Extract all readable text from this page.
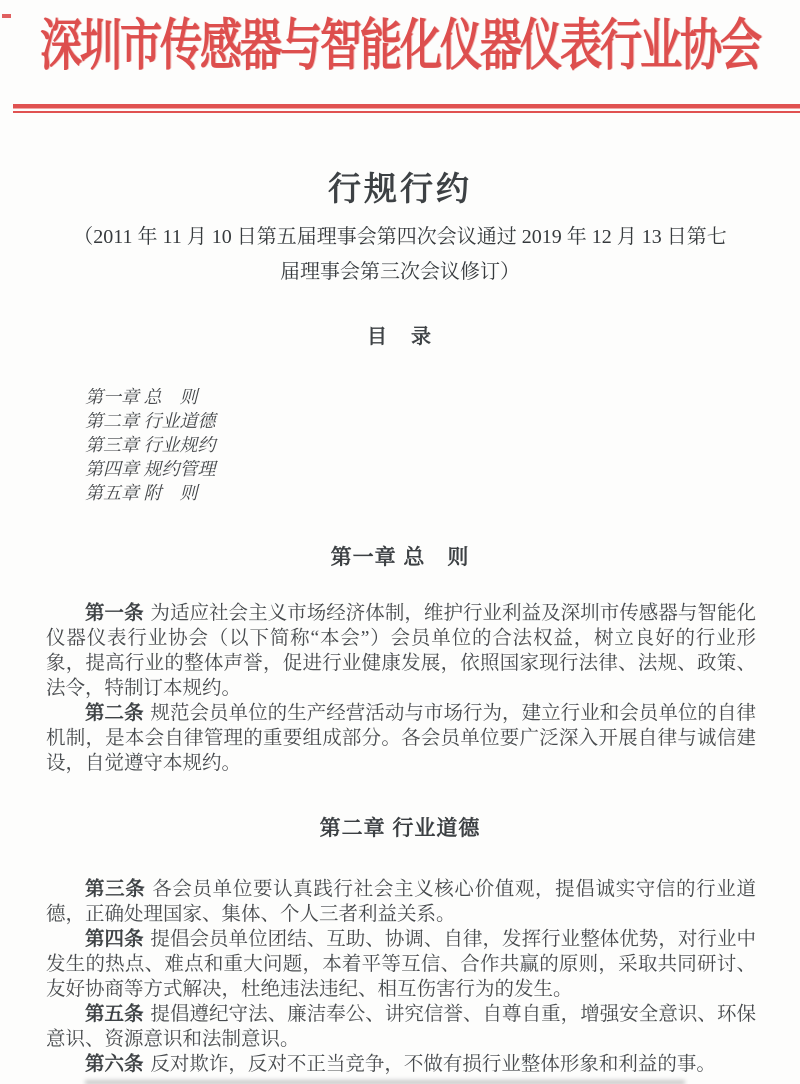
深圳市传感器与智能化仪器仪表行业协会
行规行约
（2011 年 11 月 10 日第五届理事会第四次会议通过 2019 年 12 月 13 日第七
届理事会第三次会议修订）
目　录
第一章 总　则
第二章 行业道德
第三章 行业规约
第四章 规约管理
第五章 附　则
第一章 总　则

第一条 为适应社会主义市场经济体制，维护行业利益及深圳市传感器与智能化仪器仪表行业协会（以下简称“本会”）会员单位的合法权益，树立良好的行业形象，提高行业的整体声誉，促进行业健康发展，依照国家现行法律、法规、政策、法令，特制订本规约。

第二条 规范会员单位的生产经营活动与市场行为，建立行业和会员单位的自律机制，是本会自律管理的重要组成部分。各会员单位要广泛深入开展自律与诚信建设，自觉遵守本规约。

第二章 行业道德

第三条 各会员单位要认真践行社会主义核心价值观，提倡诚实守信的行业道德，正确处理国家、集体、个人三者利益关系。

第四条 提倡会员单位团结、互助、协调、自律，发挥行业整体优势，对行业中发生的热点、难点和重大问题，本着平等互信、合作共赢的原则，采取共同研讨、友好协商等方式解决，杜绝违法违纪、相互伤害行为的发生。

第五条 提倡遵纪守法、廉洁奉公、讲究信誉、自尊自重，增强安全意识、环保意识、资源意识和法制意识。

第六条 反对欺诈，反对不正当竞争，不做有损行业整体形象和利益的事。
